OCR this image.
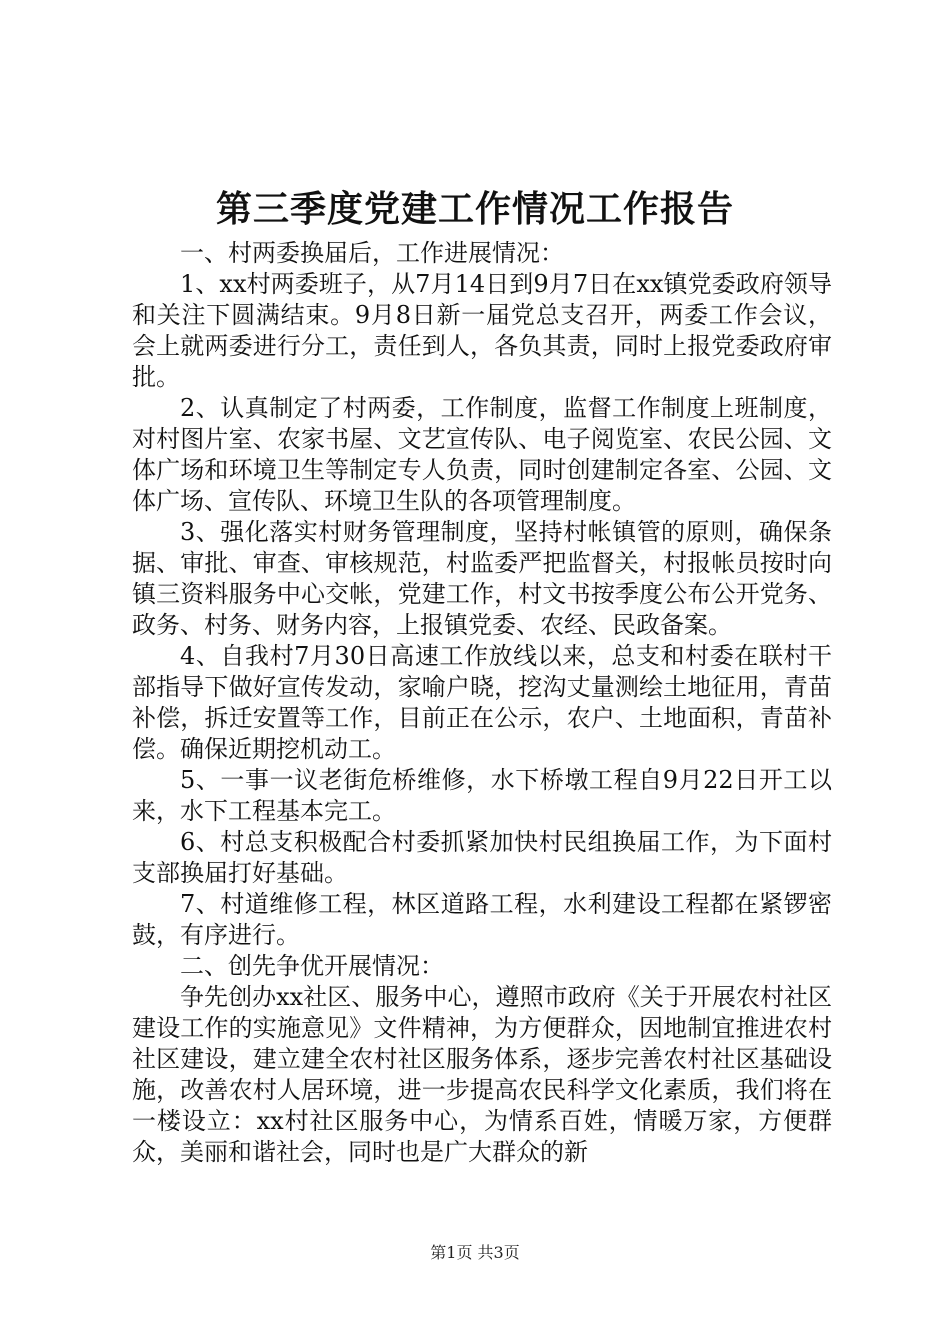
第三季度党建工作情况工作报告

一、村两委换届后，工作进展情况：

1、xx村两委班子，从7月14日到9月7日在xx镇党委政府领导和关注下圆满结束。9月8日新一届党总支召开，两委工作会议，会上就两委进行分工，责任到人，各负其责，同时上报党委政府审批。

2、认真制定了村两委，工作制度，监督工作制度上班制度，对村图片室、农家书屋、文艺宣传队、电子阅览室、农民公园、文体广场和环境卫生等制定专人负责，同时创建制定各室、公园、文体广场、宣传队、环境卫生队的各项管理制度。

3、强化落实村财务管理制度，坚持村帐镇管的原则，确保条据、审批、审查、审核规范，村监委严把监督关，村报帐员按时向镇三资料服务中心交帐，党建工作，村文书按季度公布公开党务、政务、村务、财务内容，上报镇党委、农经、民政备案。

4、自我村7月30日高速工作放线以来，总支和村委在联村干部指导下做好宣传发动，家喻户晓，挖沟丈量测绘土地征用，青苗补偿，拆迁安置等工作，目前正在公示，农户、土地面积，青苗补偿。确保近期挖机动工。

5、一事一议老街危桥维修，水下桥墩工程自9月22日开工以来，水下工程基本完工。

6、村总支积极配合村委抓紧加快村民组换届工作，为下面村支部换届打好基础。

7、村道维修工程，林区道路工程，水利建设工程都在紧锣密鼓，有序进行。

二、创先争优开展情况：

争先创办xx社区、服务中心，遵照市政府《关于开展农村社区建设工作的实施意见》文件精神，为方便群众，因地制宜推进农村社区建设，建立建全农村社区服务体系，逐步完善农村社区基础设施，改善农村人居环境，进一步提高农民科学文化素质，我们将在一楼设立：xx村社区服务中心，为情系百姓，情暖万家，方便群众，美丽和谐社会，同时也是广大群众的新

第1页 共3页
